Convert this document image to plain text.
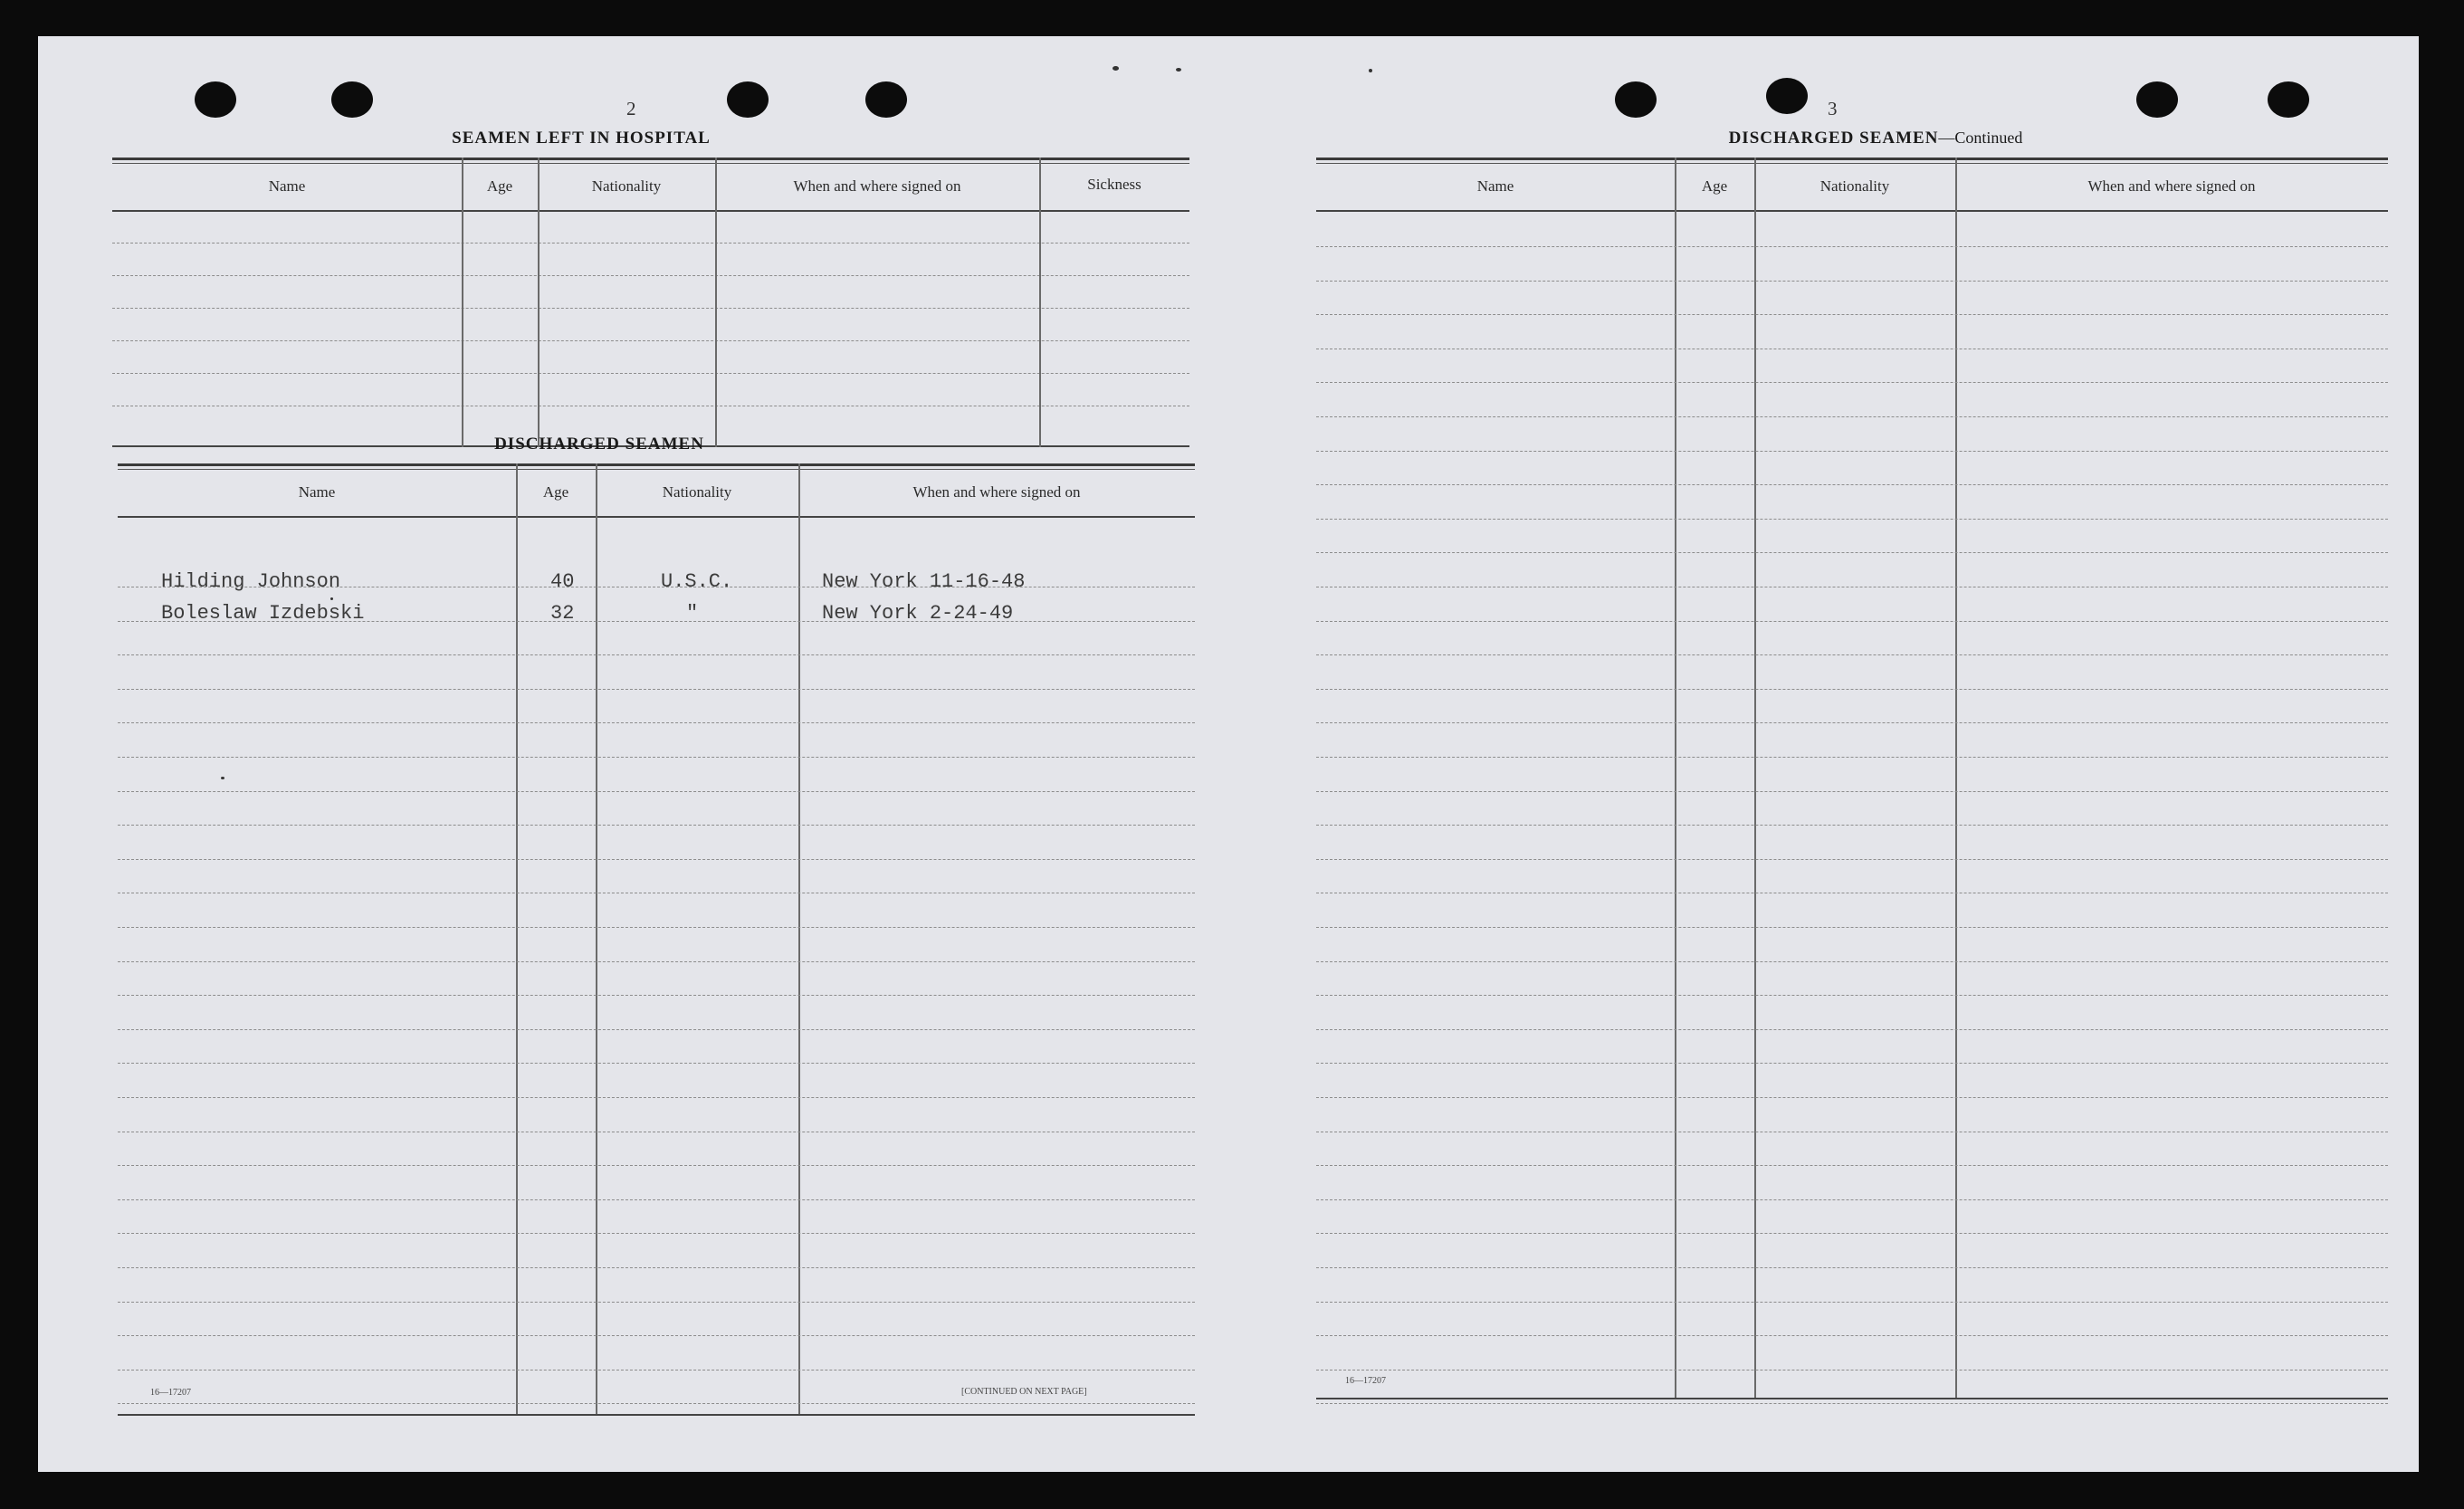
2
SEAMEN LEFT IN HOSPITAL
Name	Age	Nationality	When and where signed on	Sickness
DISCHARGED SEAMEN
Name	Age	Nationality	When and where signed on
Hilding Johnson	40	U.S.C.	New York 11-16-48
Boleslaw Izdebski	32	"	New York 2-24-49
16—17207	[CONTINUED ON NEXT PAGE]
3
DISCHARGED SEAMEN—Continued
Name	Age	Nationality	When and where signed on
16—17207
